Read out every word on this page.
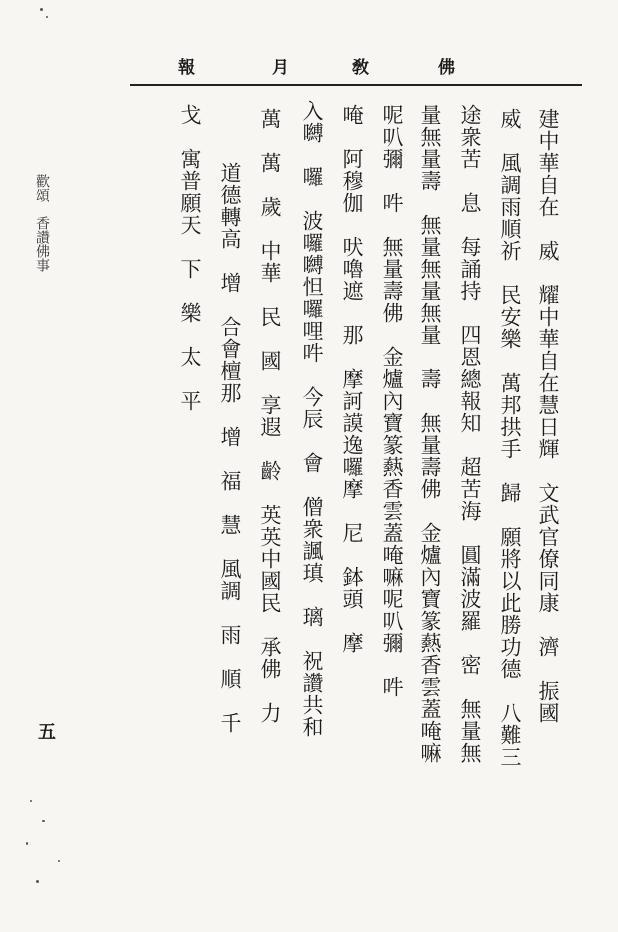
報	月	敎	佛
建中華自在　威　耀中華自在慧日輝　文武官僚同康　濟　振國
威　風調雨順祈　民安樂　萬邦拱手　歸　願將以此勝功德　八難三
途衆苦　息　每誦持　四恩總報知　超苦海　圓滿波羅　密　無量無
量無量壽　無量無量無量　壽　無量壽佛　金爐內寶篆爇香雲蓋唵嘛
呢叭彌　吽　無量壽佛　金爐內寶篆爇香雲蓋唵嘛呢叭彌　吽
唵　阿穆伽　吠嚕遮　那　摩訶謨逸囉摩　尼　鉢頭　摩
入嚩　囉　波囉嚩怛囉哩吽　今辰　會　僧衆諷瑱　璃　祝讚共和
萬　萬　歲　中華　民　國　享遐　齡　英英中國民　承佛　力
道德轉高　增　合會檀那　增　福　慧　風調　雨　順　千
戈　寓普願天　下　樂　太　平
歡頌　香讚佛事
五
